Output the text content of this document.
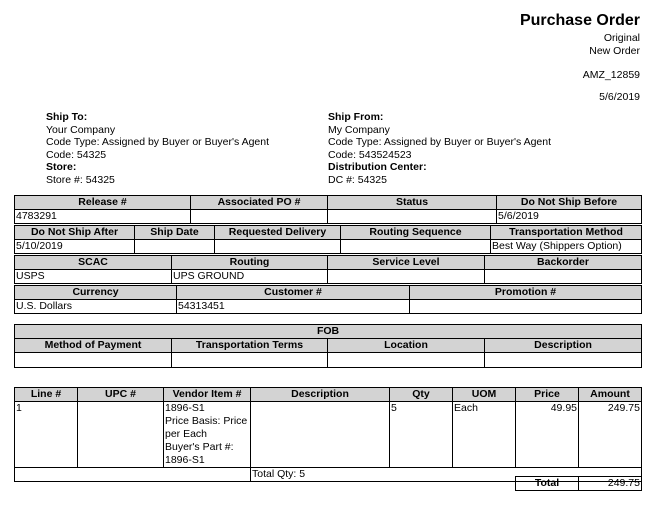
Purchase Order
Original
New Order
AMZ_12859
5/6/2019
Ship To:
Your Company
Code Type: Assigned by Buyer or Buyer's Agent
Code: 54325
Store:
Store #: 54325
Ship From:
My Company
Code Type: Assigned by Buyer or Buyer's Agent
Code: 543524523
Distribution Center:
DC #: 54325
Release #	Associated PO #	Status	Do Not Ship Before
4783291			5/6/2019
Do Not Ship After	Ship Date	Requested Delivery	Routing Sequence	Transportation Method
5/10/2019				Best Way (Shippers Option)
SCAC	Routing	Service Level	Backorder
USPS	UPS GROUND		
Currency	Customer #	Promotion #
U.S. Dollars	54313451	
FOB			
Method of Payment	Transportation Terms	Location	Description

Line #	UPC #	Vendor Item #	Description	Qty	UOM	Price	Amount
1		1896-S1
Price Basis: Price
per Each
Buyer's Part #:
1896-S1		5	Each	49.95	249.75
			Total Qty: 5				
Total	249.75
